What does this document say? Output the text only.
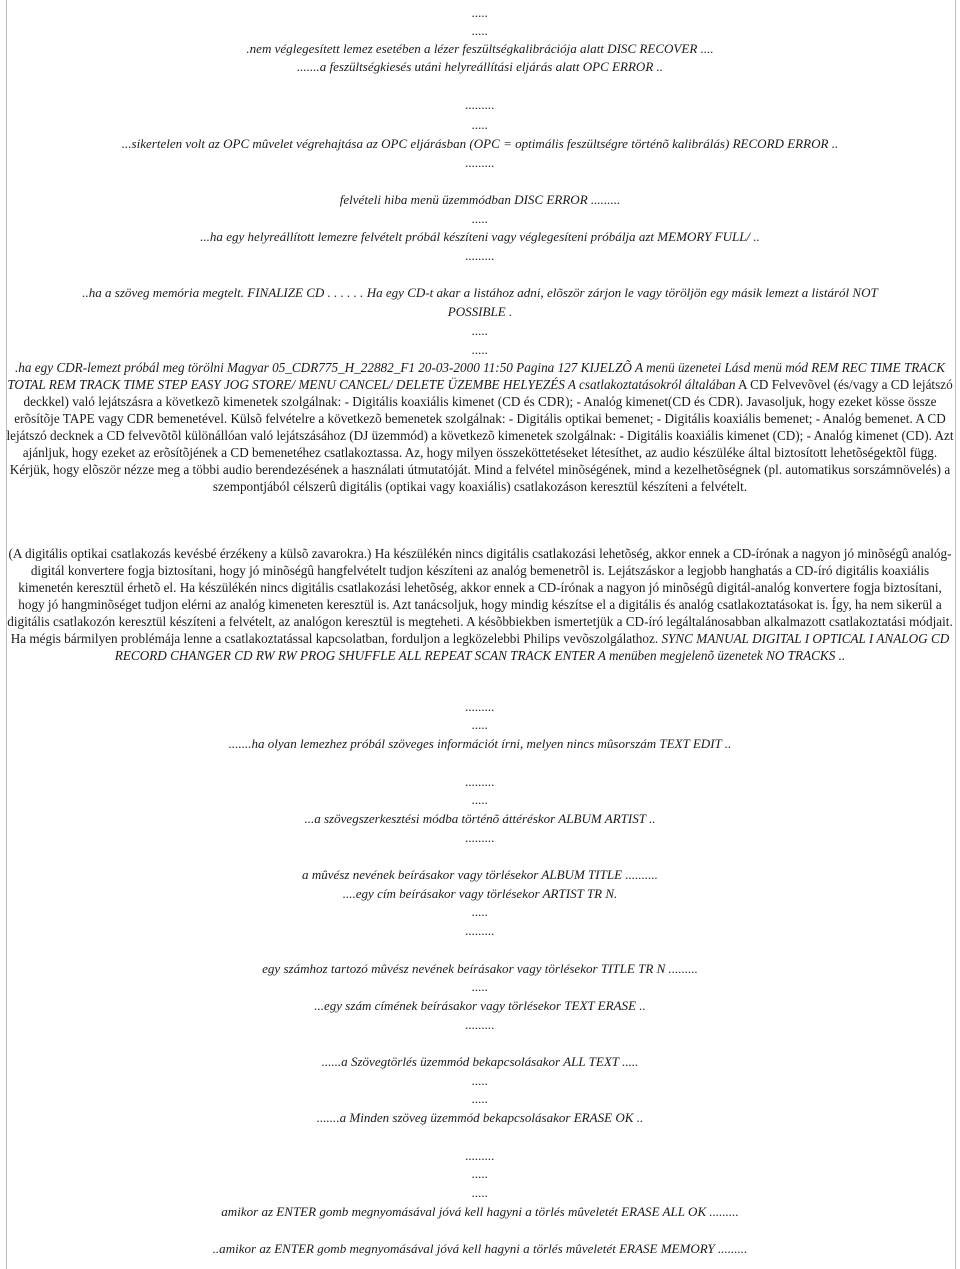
.....

.....

.nem véglegesített lemez esetében a lézer feszültségkalibrációja alatt DISC RECOVER ....

.......a feszültségkiesés utáni helyreállítási eljárás alatt OPC ERROR ..

.........

.....

...sikertelen volt az OPC mûvelet végrehajtása az OPC eljárásban (OPC = optimális feszültségre történõ kalibrálás) RECORD ERROR ..

.........

felvételi hiba menü üzemmódban DISC ERROR .........

.....

...ha egy helyreállított lemezre felvételt próbál készíteni vagy véglegesíteni próbálja azt MEMORY FULL/ ..

.........

..ha a szöveg memória megtelt. FINALIZE CD . . . . . . Ha egy CD-t akar a listához adni, elõször zárjon le vagy töröljön egy másik lemezt a listáról NOT

POSSIBLE .

.....

.....

.ha egy CDR-lemezt próbál meg törölni Magyar 05_CDR775_H_22882_F1 20-03-2000 11:50 Pagina 127 KIJELZÕ A menü üzenetei Lásd menü mód REM REC TIME TRACK TOTAL REM TRACK TIME STEP EASY JOG STORE/ MENU CANCEL/ DELETE ÜZEMBE HELYEZÉS A csatlakoztatásokról általában A CD Felvevõvel (és/vagy a CD lejátszó deckkel) való lejátszásra a következõ kimenetek szolgálnak: - Digitális koaxiális kimenet (CD és CDR); - Analóg kimenet(CD és CDR). Javasoljuk, hogy ezeket kösse össze erõsítõje TAPE vagy CDR bemenetével. Külsõ felvételre a következõ bemenetek szolgálnak: - Digitális optikai bemenet; - Digitális koaxiális bemenet; - Analóg bemenet. A CD lejátszó decknek a CD felvevõtõl különállóan való lejátszásához (DJ üzemmód) a következõ kimenetek szolgálnak: - Digitális koaxiális kimenet (CD); - Analóg kimenet (CD). Azt ajánljuk, hogy ezeket az erõsítõjének a CD bemenetéhez csatlakoztassa. Az, hogy milyen összeköttetéseket létesíthet, az audio készüléke által biztosított lehetõségektõl függ. Kérjük, hogy elõször nézze meg a többi audio berendezésének a használati útmutatóját. Mind a felvétel minõségének, mind a kezelhetõségnek (pl. automatikus sorszámnövelés) a szempontjából célszerû digitális (optikai vagy koaxiális) csatlakozáson keresztül készíteni a felvételt.

(A digitális optikai csatlakozás kevésbé érzékeny a külsõ zavarokra.) Ha készülékén nincs digitális csatlakozási lehetõség, akkor ennek a CD-írónak a nagyon jó minõségû analóg-digitál konvertere fogja biztosítani, hogy jó minõségû hangfelvételt tudjon készíteni az analóg bemenetrõl is. Lejátszáskor a legjobb hanghatás a CD-író digitális koaxiális kimenetén keresztül érhetõ el. Ha készülékén nincs digitális csatlakozási lehetõség, akkor ennek a CD-írónak a nagyon jó minõségû digitál-analóg konvertere fogja biztosítani, hogy jó hangminõséget tudjon elérni az analóg kimeneten keresztül is. Azt tanácsoljuk, hogy mindig készítse el a digitális és analóg csatlakoztatásokat is. Így, ha nem sikerül a digitális csatlakozón keresztül készíteni a felvételt, az analógon keresztül is megteheti. A késõbbiekben ismertetjük a CD-író legáltalánosabban alkalmazott csatlakoztatási módjait. Ha mégis bármilyen problémája lenne a csatlakoztatással kapcsolatban, forduljon a legközelebbi Philips vevõszolgálathoz. SYNC MANUAL DIGITAL I OPTICAL I ANALOG CD RECORD CHANGER CD RW RW PROG SHUFFLE ALL REPEAT SCAN TRACK ENTER A menüben megjelenõ üzenetek NO TRACKS ..

.........

.....

.......ha olyan lemezhez próbál szöveges információt írni, melyen nincs mûsorszám TEXT EDIT ..

.........

.....

...a szövegszerkesztési módba történõ áttéréskor ALBUM ARTIST ..

.........

a mûvész nevének beírásakor vagy törlésekor ALBUM TITLE ..........

....egy cím beírásakor vagy törlésekor ARTIST TR N.

.....

.........

egy számhoz tartozó mûvész nevének beírásakor vagy törlésekor TITLE TR N .........

.....

...egy szám címének beírásakor vagy törlésekor TEXT ERASE ..

.........

......a Szövegtörlés üzemmód bekapcsolásakor ALL TEXT .....

.....

.....

.......a Minden szöveg üzemmód bekapcsolásakor ERASE OK ..

.........

.....

.....

amikor az ENTER gomb megnyomásával jóvá kell hagyni a törlés mûveletét ERASE ALL OK .........

..amikor az ENTER gomb megnyomásával jóvá kell hagyni a törlés mûveletét ERASE MEMORY .........
